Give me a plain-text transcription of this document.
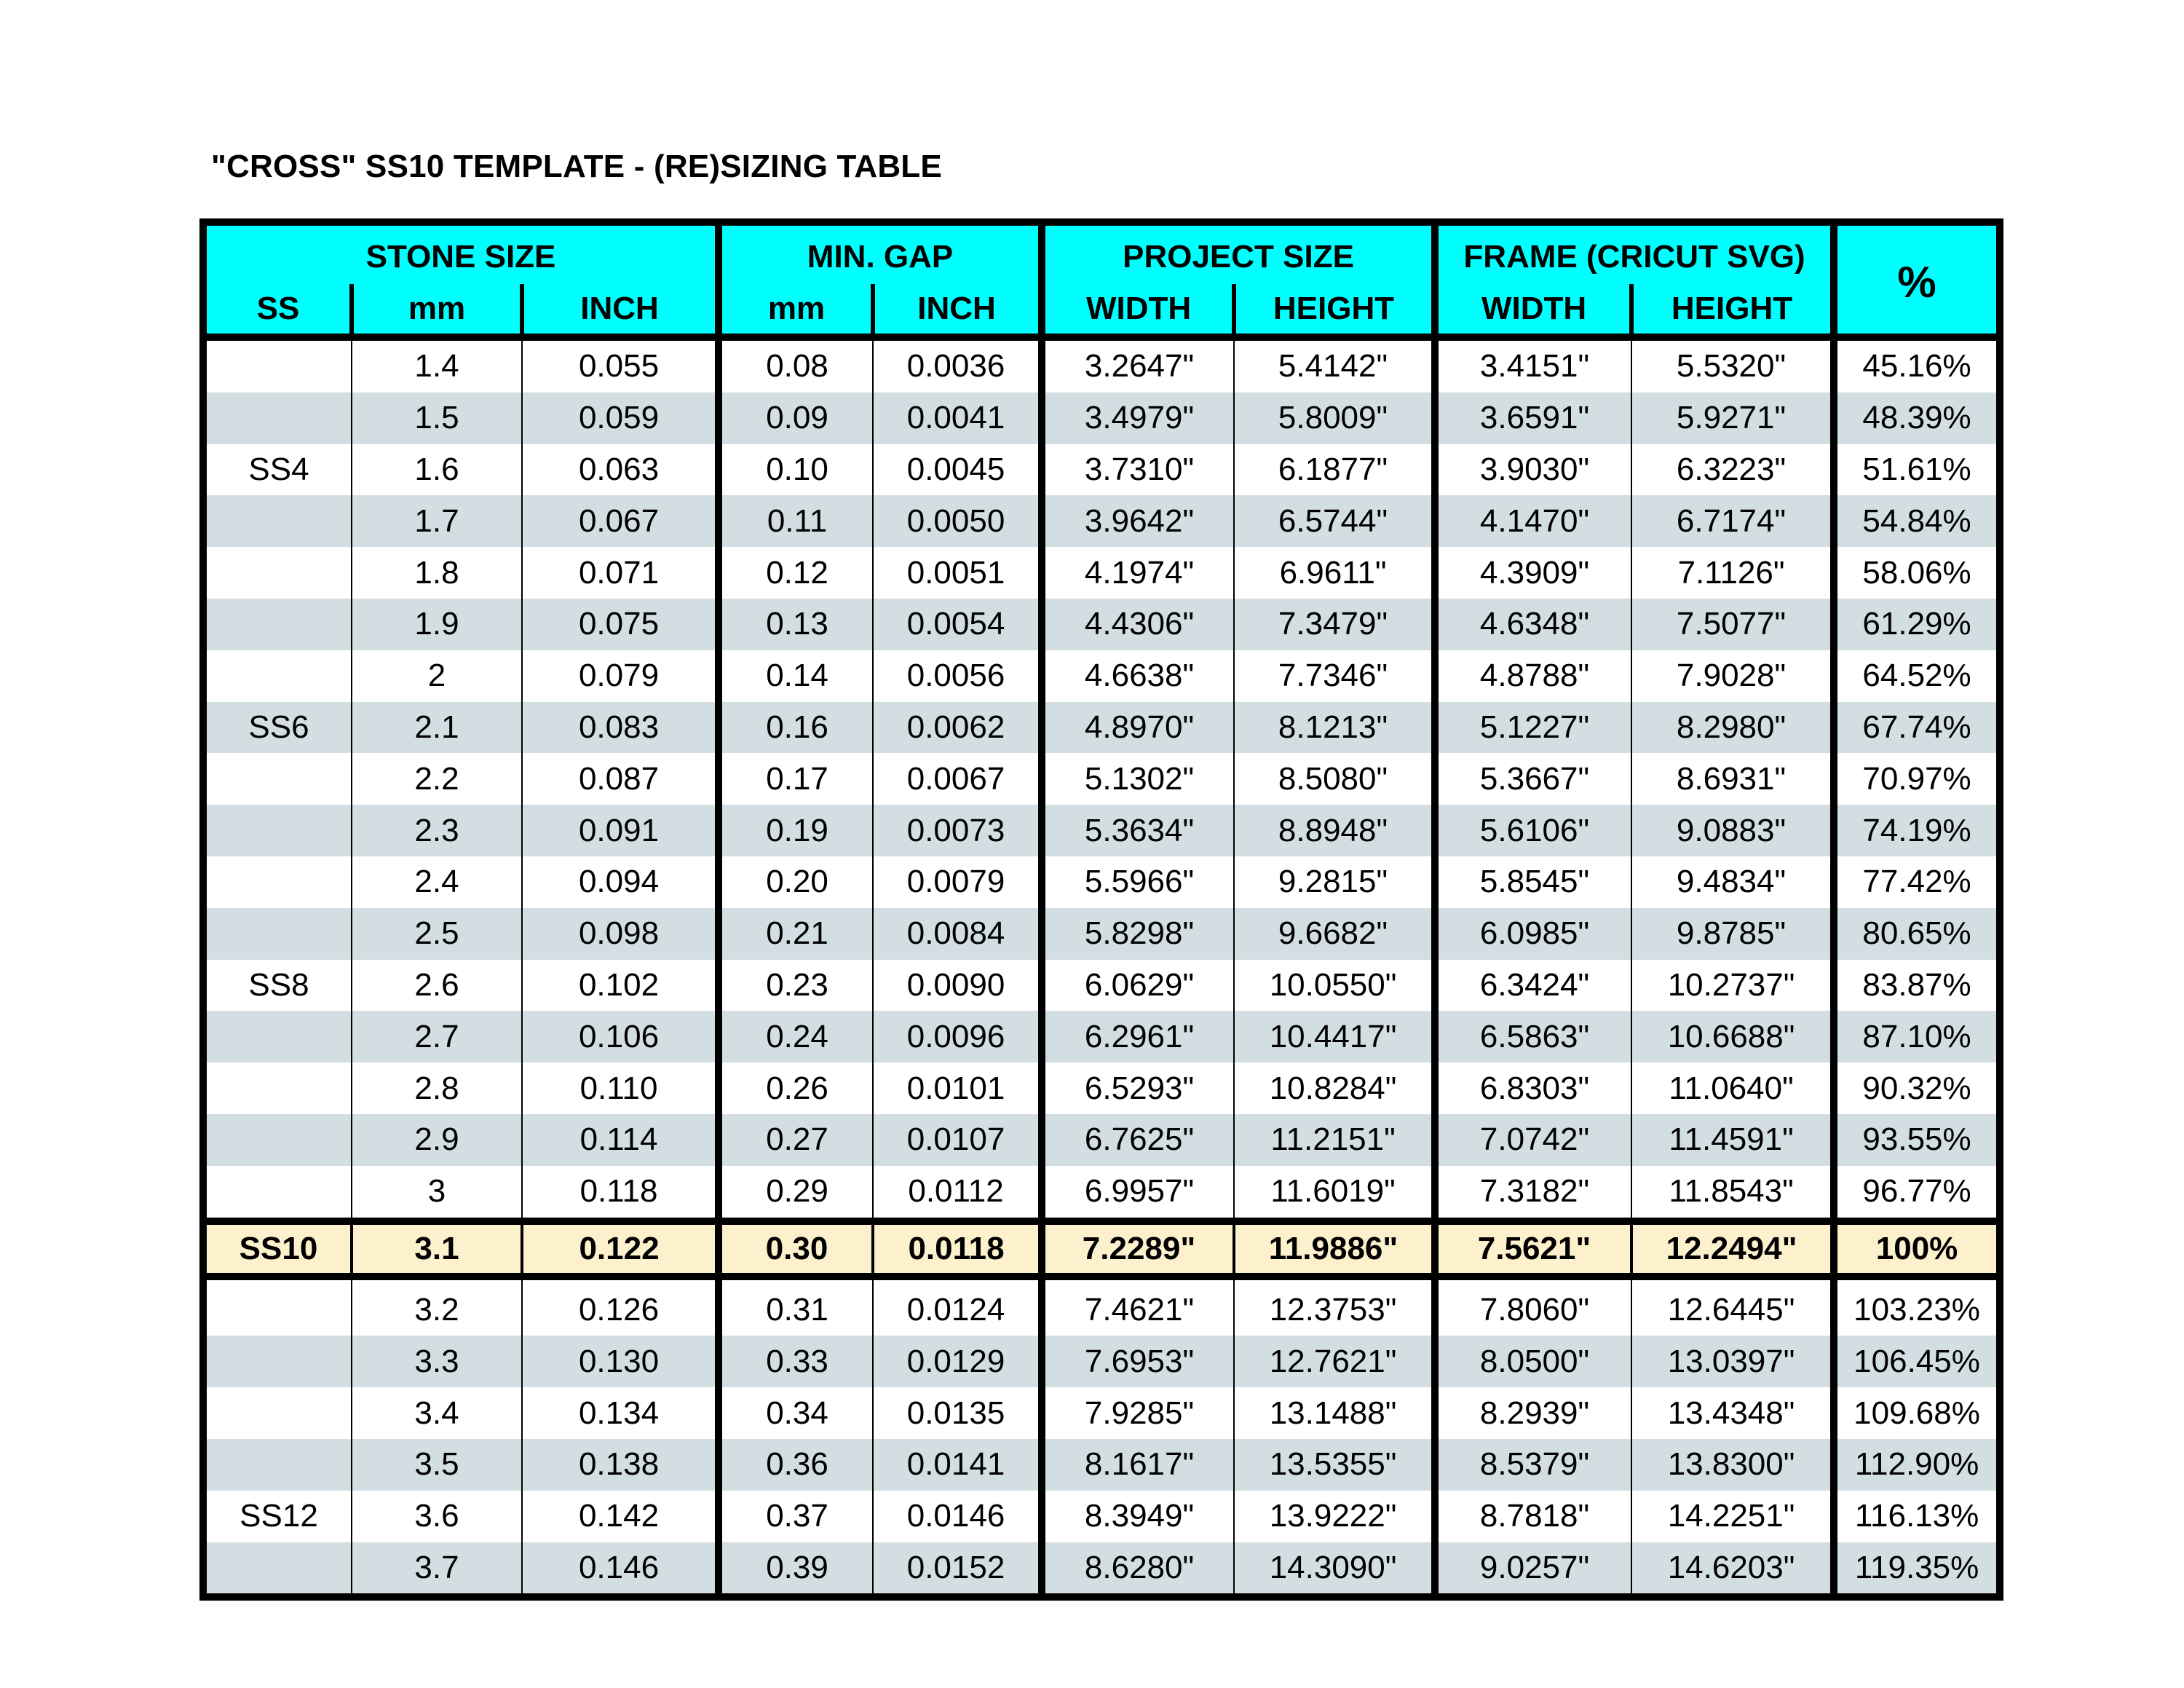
"CROSS" SS10 TEMPLATE - (RE)SIZING TABLE
STONE SIZE			MIN. GAP		PROJECT SIZE		FRAME (CRICUT SVG)		%
SS	mm	INCH	mm	INCH	WIDTH	HEIGHT	WIDTH	HEIGHT	
	1.4	0.055	0.08	0.0036	3.2647"	5.4142"	3.4151"	5.5320"	45.16%
	1.5	0.059	0.09	0.0041	3.4979"	5.8009"	3.6591"	5.9271"	48.39%
SS4	1.6	0.063	0.10	0.0045	3.7310"	6.1877"	3.9030"	6.3223"	51.61%
	1.7	0.067	0.11	0.0050	3.9642"	6.5744"	4.1470"	6.7174"	54.84%
	1.8	0.071	0.12	0.0051	4.1974"	6.9611"	4.3909"	7.1126"	58.06%
	1.9	0.075	0.13	0.0054	4.4306"	7.3479"	4.6348"	7.5077"	61.29%
	2	0.079	0.14	0.0056	4.6638"	7.7346"	4.8788"	7.9028"	64.52%
SS6	2.1	0.083	0.16	0.0062	4.8970"	8.1213"	5.1227"	8.2980"	67.74%
	2.2	0.087	0.17	0.0067	5.1302"	8.5080"	5.3667"	8.6931"	70.97%
	2.3	0.091	0.19	0.0073	5.3634"	8.8948"	5.6106"	9.0883"	74.19%
	2.4	0.094	0.20	0.0079	5.5966"	9.2815"	5.8545"	9.4834"	77.42%
	2.5	0.098	0.21	0.0084	5.8298"	9.6682"	6.0985"	9.8785"	80.65%
SS8	2.6	0.102	0.23	0.0090	6.0629"	10.0550"	6.3424"	10.2737"	83.87%
	2.7	0.106	0.24	0.0096	6.2961"	10.4417"	6.5863"	10.6688"	87.10%
	2.8	0.110	0.26	0.0101	6.5293"	10.8284"	6.8303"	11.0640"	90.32%
	2.9	0.114	0.27	0.0107	6.7625"	11.2151"	7.0742"	11.4591"	93.55%
	3	0.118	0.29	0.0112	6.9957"	11.6019"	7.3182"	11.8543"	96.77%
SS10	3.1	0.122	0.30	0.0118	7.2289"	11.9886"	7.5621"	12.2494"	100%
	3.2	0.126	0.31	0.0124	7.4621"	12.3753"	7.8060"	12.6445"	103.23%
	3.3	0.130	0.33	0.0129	7.6953"	12.7621"	8.0500"	13.0397"	106.45%
	3.4	0.134	0.34	0.0135	7.9285"	13.1488"	8.2939"	13.4348"	109.68%
	3.5	0.138	0.36	0.0141	8.1617"	13.5355"	8.5379"	13.8300"	112.90%
SS12	3.6	0.142	0.37	0.0146	8.3949"	13.9222"	8.7818"	14.2251"	116.13%
	3.7	0.146	0.39	0.0152	8.6280"	14.3090"	9.0257"	14.6203"	119.35%
